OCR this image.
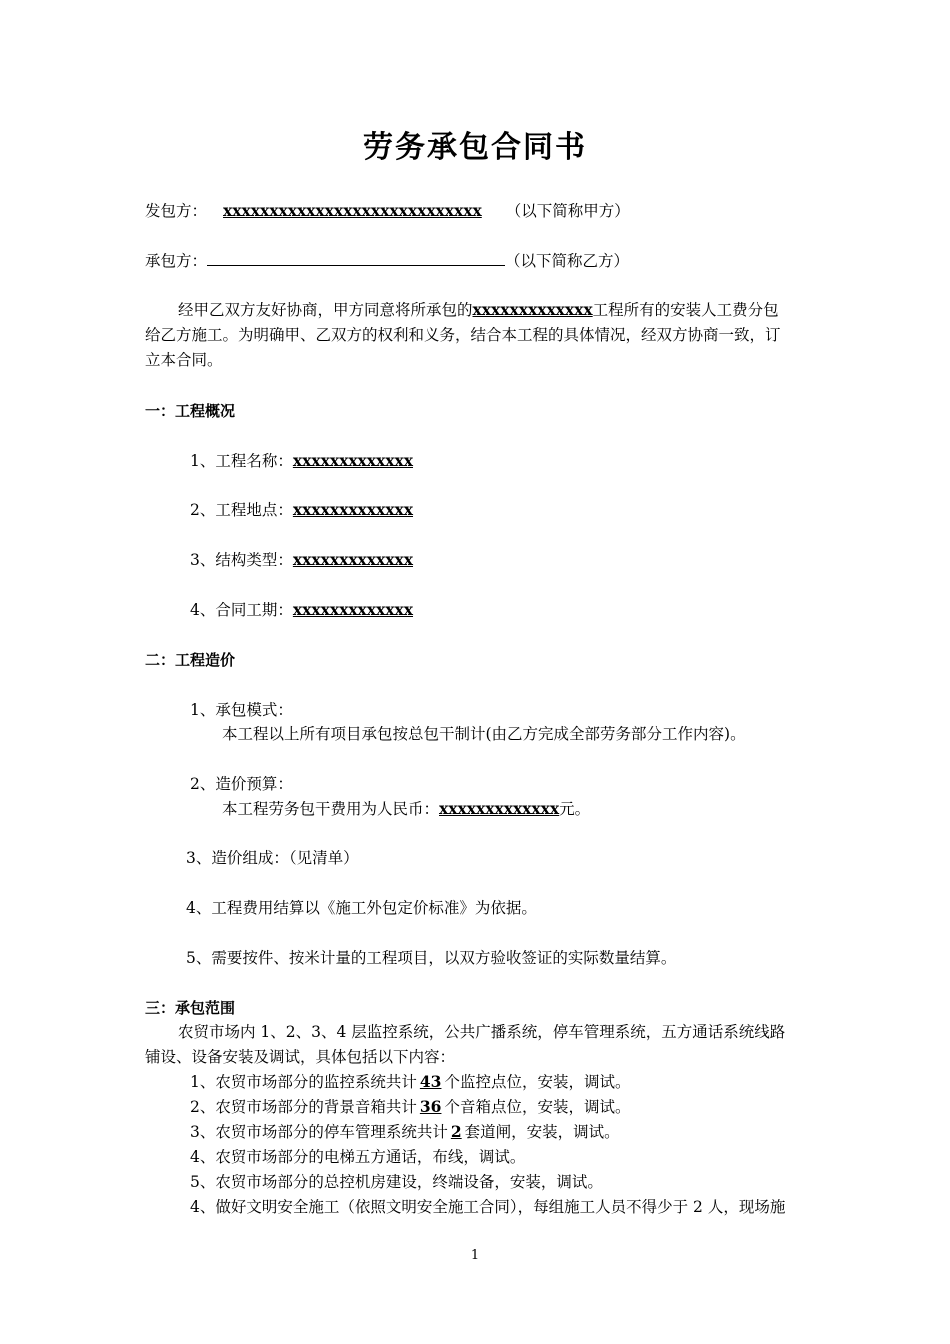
劳务承包合同书
发包方： xxxxxxxxxxxxxxxxxxxxxxxxxxxx （以下简称甲方）
承包方：	（以下简称乙方）
经甲乙双方友好协商，甲方同意将所承包的xxxxxxxxxxxxx工程所有的安装人工费分包
给乙方施工。为明确甲、乙双方的权利和义务，结合本工程的具体情况，经双方协商一致，订
立本合同。
一：工程概况
1、工程名称：xxxxxxxxxxxxx
2、工程地点：xxxxxxxxxxxxx
3、结构类型：xxxxxxxxxxxxx
4、合同工期：xxxxxxxxxxxxx
二：工程造价
1、承包模式：
本工程以上所有项目承包按总包干制计(由乙方完成全部劳务部分工作内容)。
2、造价预算：
本工程劳务包干费用为人民币：xxxxxxxxxxxxx元。
3、造价组成：（见清单）
4、工程费用结算以《施工外包定价标准》为依据。
5、需要按件、按米计量的工程项目，以双方验收签证的实际数量结算。
三：承包范围
农贸市场内 1、2、3、4 层监控系统，公共广播系统，停车管理系统，五方通话系统线路
铺设、设备安装及调试，具体包括以下内容：
1、农贸市场部分的监控系统共计 43 个监控点位，安装，调试。
2、农贸市场部分的背景音箱共计 36 个音箱点位，安装，调试。
3、农贸市场部分的停车管理系统共计 2 套道闸，安装，调试。
4、农贸市场部分的电梯五方通话，布线，调试。
5、农贸市场部分的总控机房建设，终端设备，安装，调试。
4、做好文明安全施工（依照文明安全施工合同），每组施工人员不得少于 2 人，现场施
1
